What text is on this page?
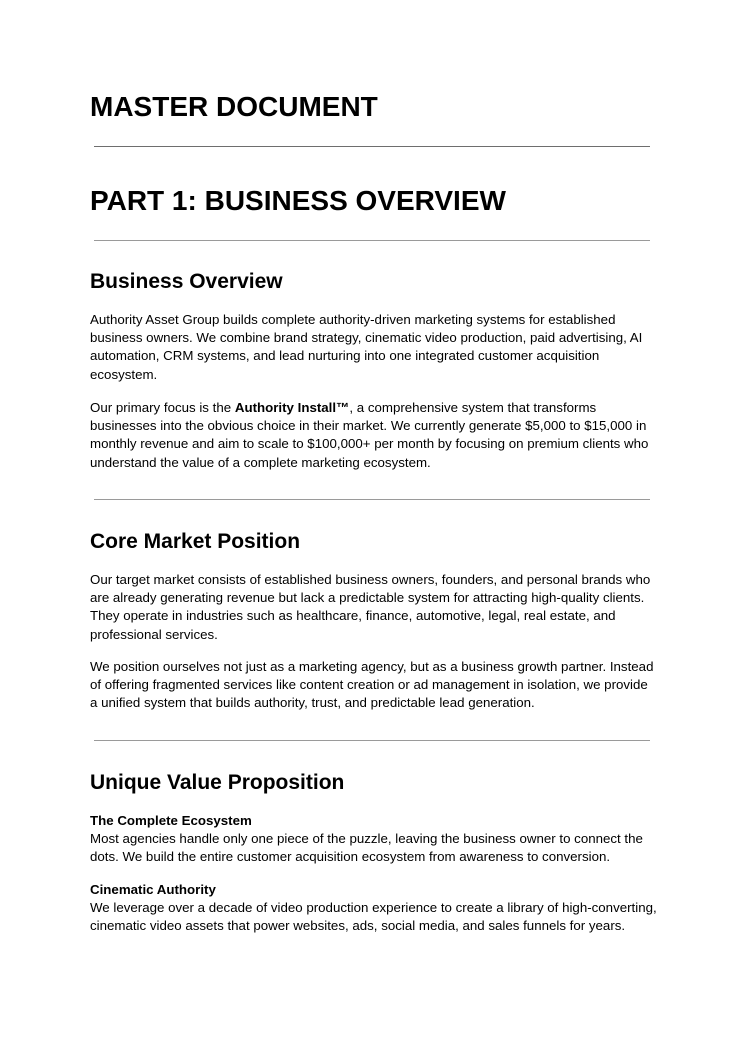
MASTER DOCUMENT
PART 1: BUSINESS OVERVIEW
Business Overview

Authority Asset Group builds complete authority-driven marketing systems for established business owners. We combine brand strategy, cinematic video production, paid advertising, AI automation, CRM systems, and lead nurturing into one integrated customer acquisition ecosystem.

Our primary focus is the Authority Install™, a comprehensive system that transforms businesses into the obvious choice in their market. We currently generate $5,000 to $15,000 in monthly revenue and aim to scale to $100,000+ per month by focusing on premium clients who understand the value of a complete marketing ecosystem.

Core Market Position

Our target market consists of established business owners, founders, and personal brands who are already generating revenue but lack a predictable system for attracting high-quality clients. They operate in industries such as healthcare, finance, automotive, legal, real estate, and professional services.

We position ourselves not just as a marketing agency, but as a business growth partner. Instead of offering fragmented services like content creation or ad management in isolation, we provide a unified system that builds authority, trust, and predictable lead generation.

Unique Value Proposition

The Complete Ecosystem
Most agencies handle only one piece of the puzzle, leaving the business owner to connect the dots. We build the entire customer acquisition ecosystem from awareness to conversion.

Cinematic Authority
We leverage over a decade of video production experience to create a library of high-converting, cinematic video assets that power websites, ads, social media, and sales funnels for years.
